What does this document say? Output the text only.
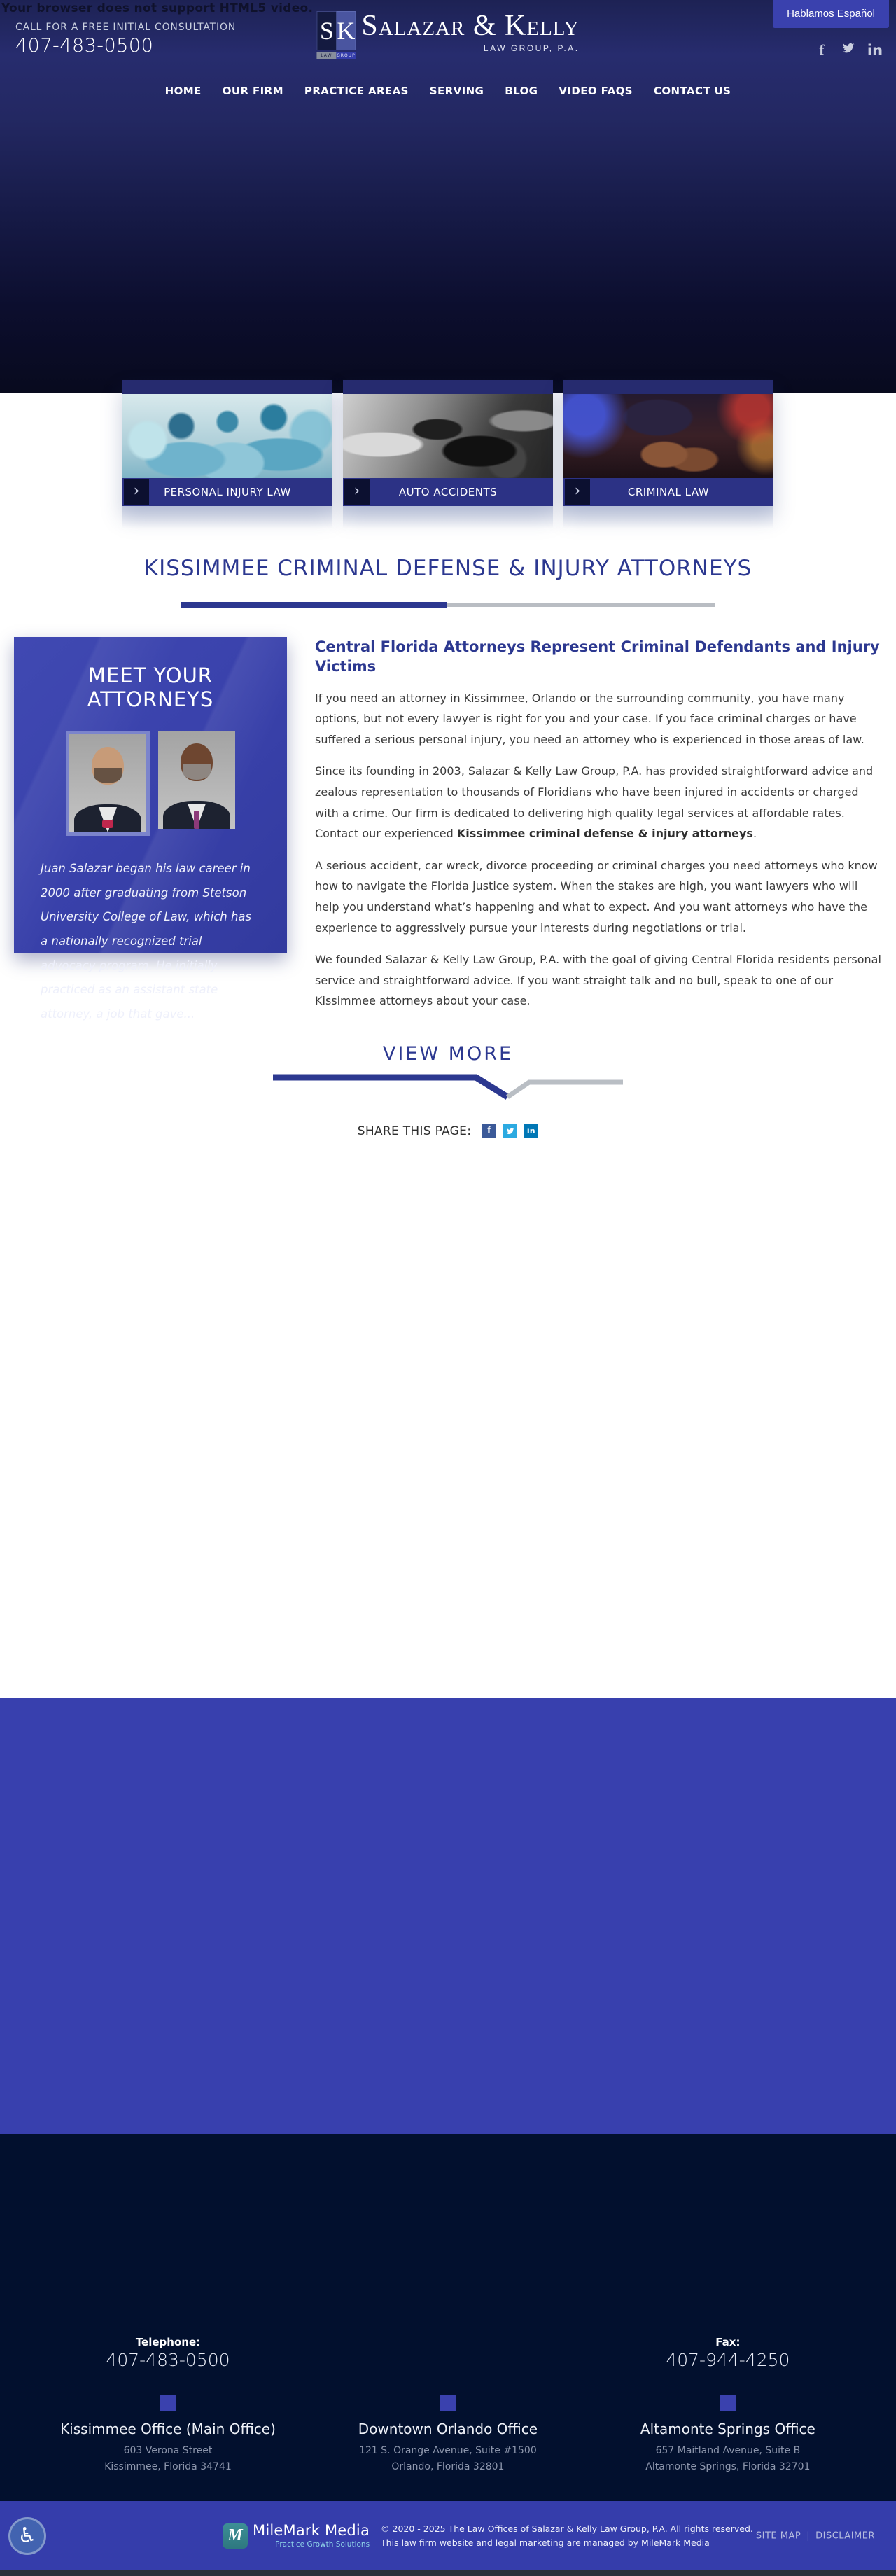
Your browser does not support HTML5 video.
CALL FOR A FREE INITIAL CONSULTATION
407-483-0500
S K
LAW	GROUP
Salazar & Kelly
LAW GROUP, P.A.
Hablamos Español
f	in
HOME OUR FIRM PRACTICE AREAS SERVING BLOG VIDEO FAQS CONTACT US
›	PERSONAL INJURY LAW	›	AUTO ACCIDENTS	›	CRIMINAL LAW
KISSIMMEE CRIMINAL DEFENSE & INJURY ATTORNEYS
MEET YOUR ATTORNEYS

Juan Salazar began his law career in 2000 after graduating from Stetson University College of Law, which has a nationally recognized trial advocacy program. He initially practiced as an assistant state attorney, a job that gave...

Central Florida Attorneys Represent Criminal Defendants and Injury Victims

If you need an attorney in Kissimmee, Orlando or the surrounding community, you have many options, but not every lawyer is right for you and your case. If you face criminal charges or have suffered a serious personal injury, you need an attorney who is experienced in those areas of law.

Since its founding in 2003, Salazar & Kelly Law Group, P.A. has provided straightforward advice and zealous representation to thousands of Floridians who have been injured in accidents or charged with a crime. Our firm is dedicated to delivering high quality legal services at affordable rates. Contact our experienced Kissimmee criminal defense & injury attorneys.

A serious accident, car wreck, divorce proceeding or criminal charges you need attorneys who know how to navigate the Florida justice system. When the stakes are high, you want lawyers who will help you understand what’s happening and what to expect. And you want attorneys who have the experience to aggressively pursue your interests during negotiations or trial.

We founded Salazar & Kelly Law Group, P.A. with the goal of giving Central Florida residents personal service and straightforward advice. If you want straight talk and no bull, speak to one of our Kissimmee attorneys about your case.

VIEW MORE
SHARE THIS PAGE:	f	in
Telephone:
407-483-0500
Fax:
407-944-4250
Kissimmee Office (Main Office)
603 Verona Street
Kissimmee, Florida 34741
Downtown Orlando Office
121 S. Orange Avenue, Suite #1500
Orlando, Florida 32801
Altamonte Springs Office
657 Maitland Avenue, Suite B
Altamonte Springs, Florida 32701
♿	M MileMark Media
Practice Growth Solutions
© 2020 - 2025 The Law Offices of Salazar & Kelly Law Group, P.A. All rights reserved.
This law firm website and legal marketing are managed by MileMark Media
SITE MAP | DISCLAIMER
